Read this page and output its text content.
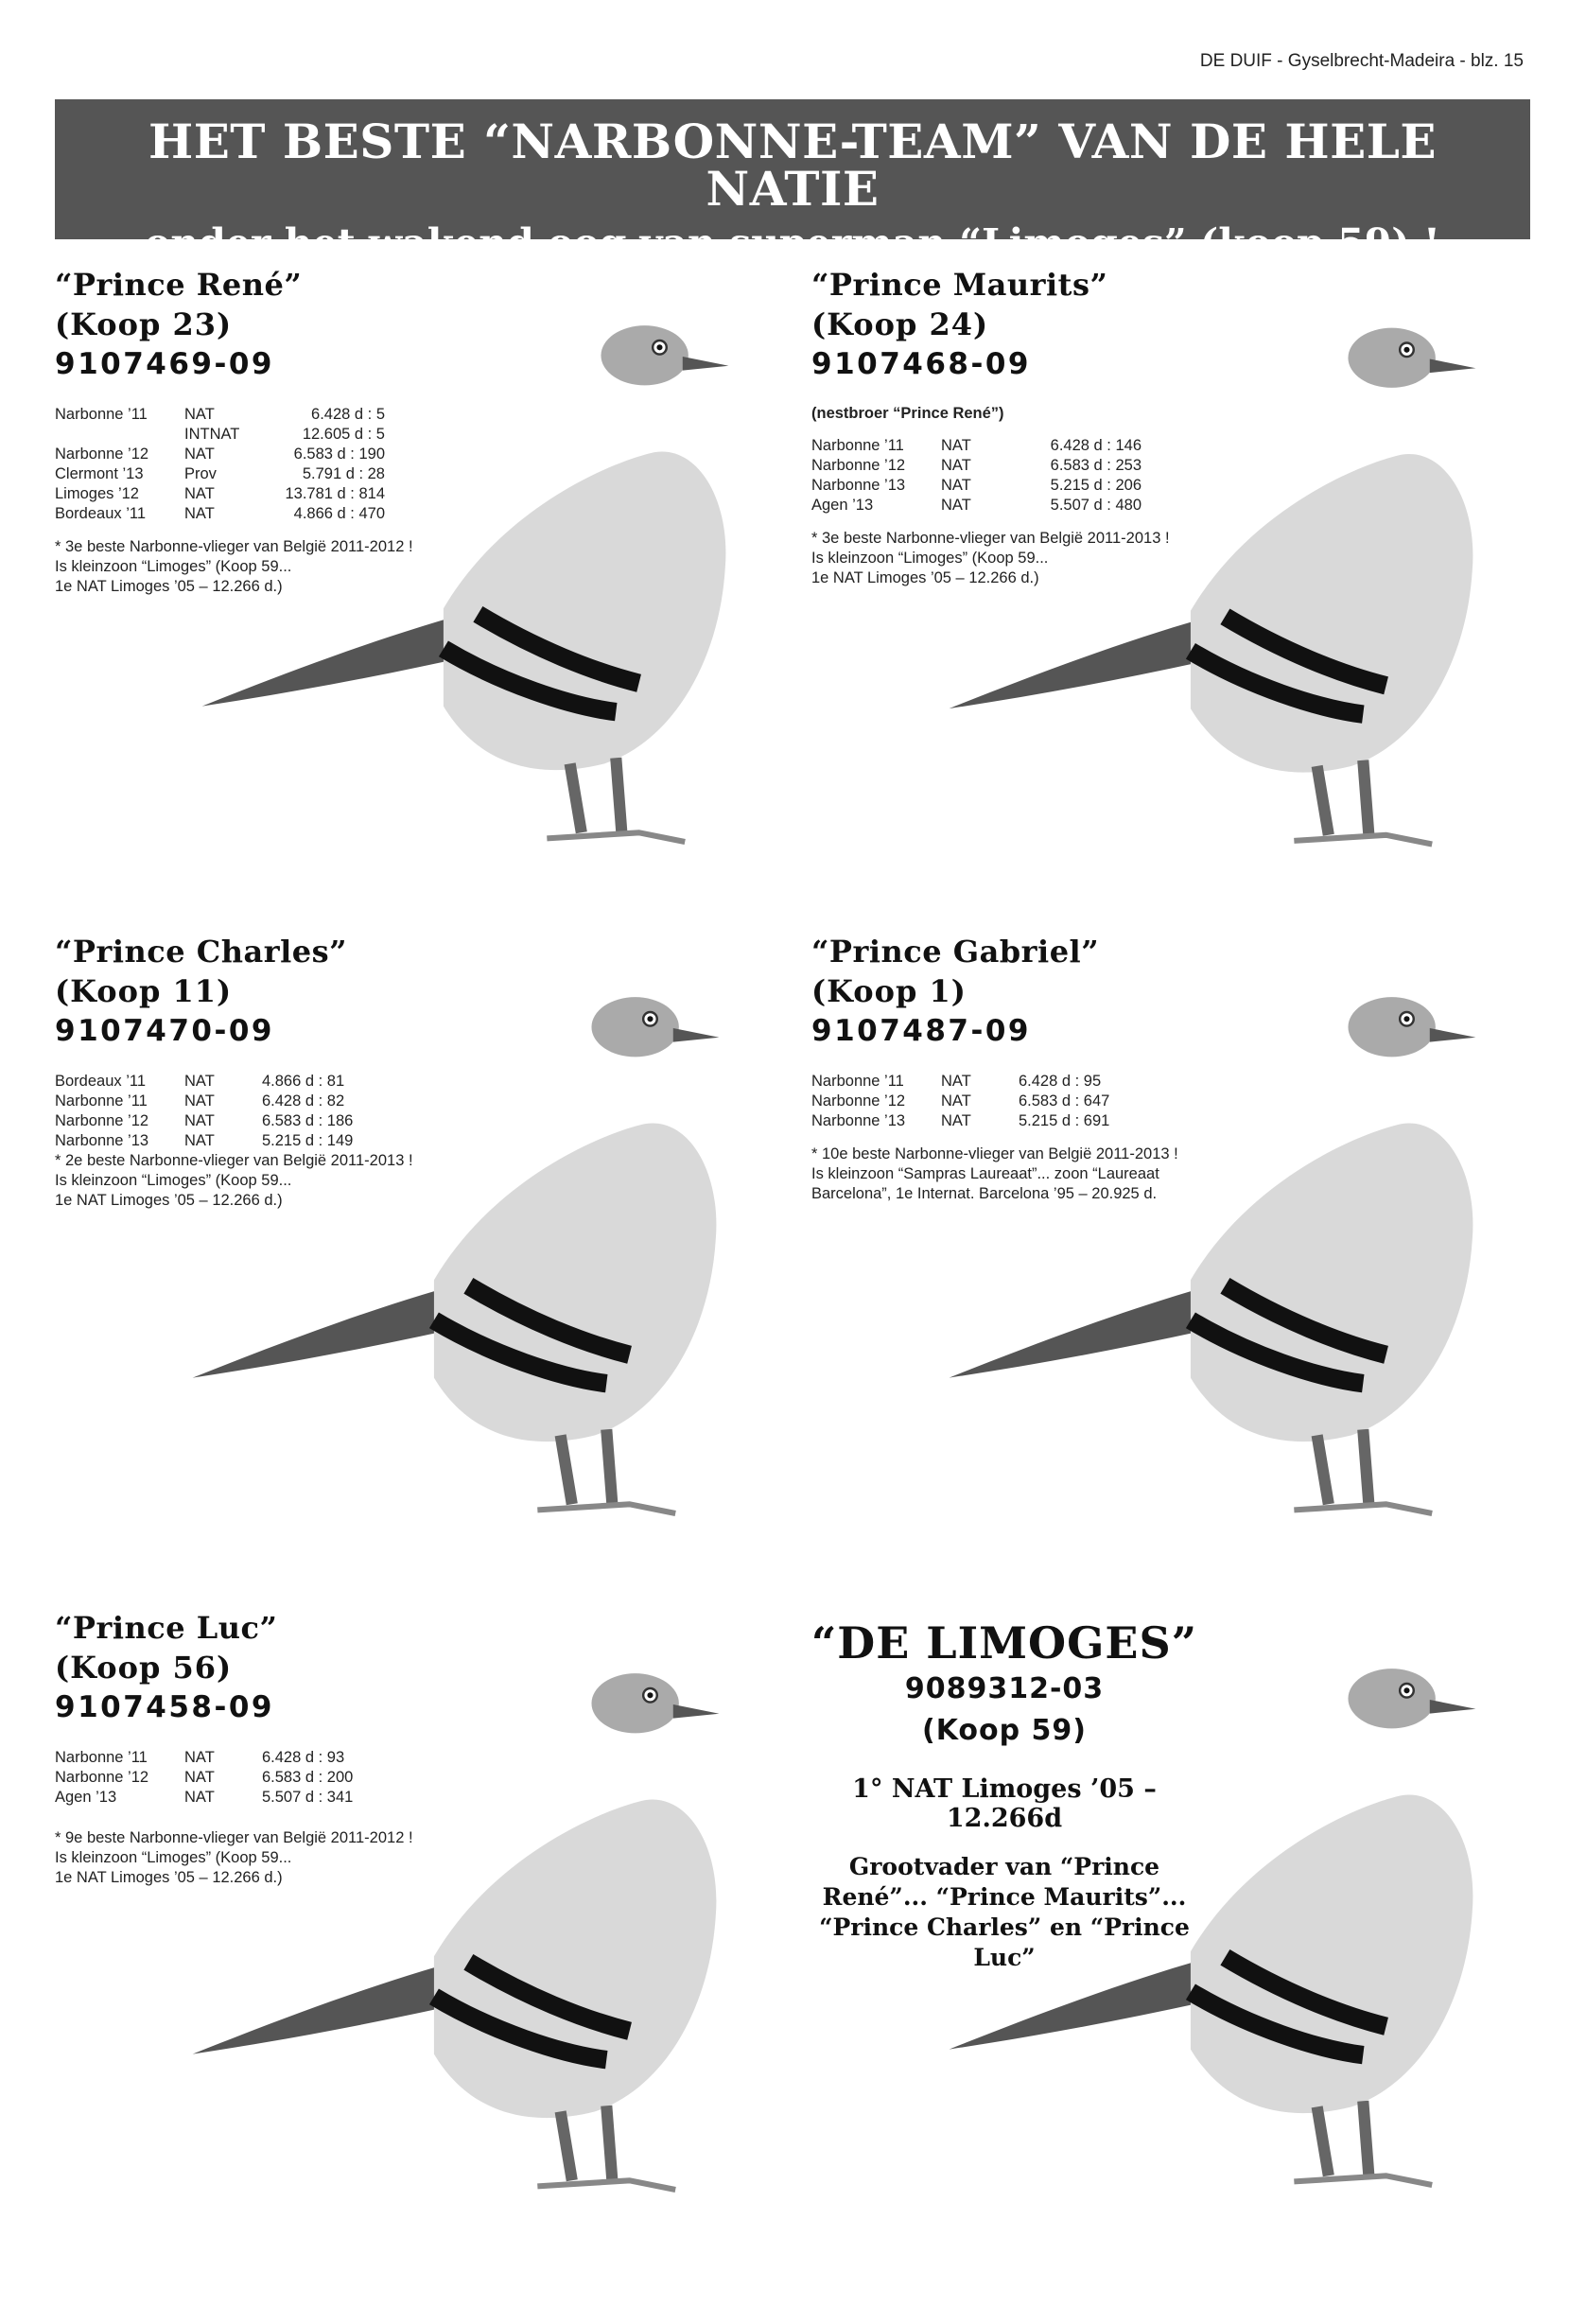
DE DUIF - Gyselbrecht-Madeira - blz. 15
HET BESTE “NARBONNE-TEAM” VAN DE HELE NATIE
onder het wakend oog van superman “Limoges” (koop 59) !
“Prince René”
(Koop 23)
9107469-09
Narbonne ’11	NAT	6.428 d : 5
	INTNAT	12.605 d : 5
Narbonne ’12	NAT	6.583 d : 190
Clermont ’13	Prov	5.791 d : 28
Limoges ’12	NAT	13.781 d : 814
Bordeaux ’11	NAT	4.866 d : 470
* 3e beste Narbonne-vlieger van België 2011-2012 !
Is kleinzoon “Limoges” (Koop 59...
1e NAT Limoges ’05 – 12.266 d.)
“Prince Maurits”
(Koop 24)
9107468-09
(nestbroer “Prince René”)
Narbonne ’11	NAT	6.428 d : 146
Narbonne ’12	NAT	6.583 d : 253
Narbonne ’13	NAT	5.215 d : 206
Agen ’13	NAT	5.507 d : 480
* 3e beste Narbonne-vlieger van België 2011-2013 !
Is kleinzoon “Limoges” (Koop 59...
1e NAT Limoges ’05 – 12.266 d.)
“Prince Charles”
(Koop 11)
9107470-09
Bordeaux ’11	NAT	4.866 d : 81
Narbonne ’11	NAT	6.428 d : 82
Narbonne ’12	NAT	6.583 d : 186
Narbonne ’13	NAT	5.215 d : 149
* 2e beste Narbonne-vlieger van België 2011-2013 !
Is kleinzoon “Limoges” (Koop 59...
1e NAT Limoges ’05 – 12.266 d.)
“Prince Gabriel”
(Koop 1)
9107487-09
Narbonne ’11	NAT	6.428 d : 95
Narbonne ’12	NAT	6.583 d : 647
Narbonne ’13	NAT	5.215 d : 691
* 10e beste Narbonne-vlieger van België 2011-2013 !
Is kleinzoon “Sampras Laureaat”... zoon “Laureaat
Barcelona”, 1e Internat. Barcelona ’95 – 20.925 d.
“Prince Luc”
(Koop 56)
9107458-09
Narbonne ’11	NAT	6.428 d : 93
Narbonne ’12	NAT	6.583 d : 200
Agen ’13	NAT	5.507 d : 341
* 9e beste Narbonne-vlieger van België 2011-2012 !
Is kleinzoon “Limoges” (Koop 59...
1e NAT Limoges ’05 – 12.266 d.)
“DE LIMOGES”
9089312-03
(Koop 59)
1° NAT Limoges ’05 – 12.266d
Grootvader van “Prince René”... “Prince Maurits”... “Prince Charles” en “Prince Luc”
